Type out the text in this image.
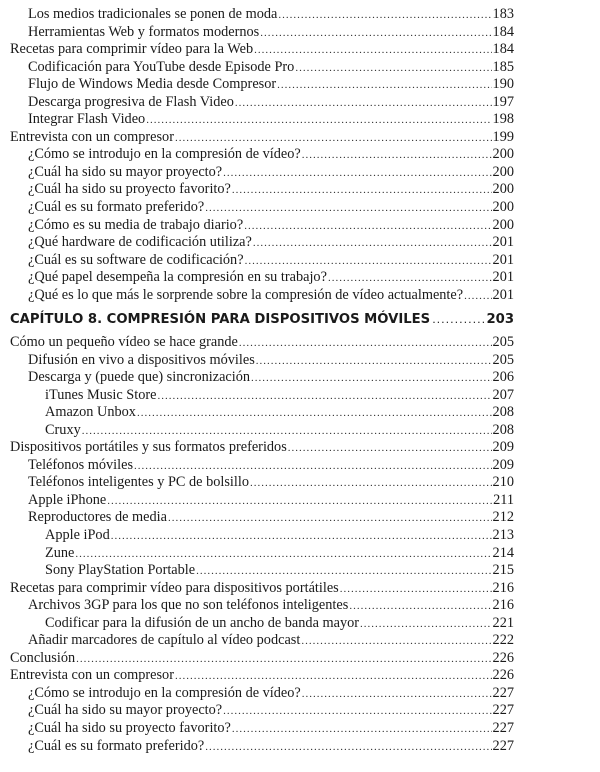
Los medios tradicionales se ponen de moda .....	183
Herramientas Web y formatos modernos .....	184
Recetas para comprimir vídeo para la Web .....	184
Codificación para YouTube desde Episode Pro .....	185
Flujo de Windows Media desde Compresor .....	190
Descarga progresiva de Flash Video .....	197
Integrar Flash Video .....	198
Entrevista con un compresor .....	199
¿Cómo se introdujo en la compresión de vídeo? .....	200
¿Cuál ha sido su mayor proyecto? .....	200
¿Cuál ha sido su proyecto favorito? .....	200
¿Cuál es su formato preferido? .....	200
¿Cómo es su media de trabajo diario? .....	200
¿Qué hardware de codificación utiliza? .....	201
¿Cuál es su software de codificación? .....	201
¿Qué papel desempeña la compresión en su trabajo? .....	201
¿Qué es lo que más le sorprende sobre la compresión de vídeo actualmente? ..... 201
CAPÍTULO 8. COMPRESIÓN PARA DISPOSITIVOS MÓVILES .....	203
Cómo un pequeño vídeo se hace grande .....	205
Difusión en vivo a dispositivos móviles .....	205
Descarga y (puede que) sincronización .....	206
iTunes Music Store .....	207
Amazon Unbox .....	208
Cruxy .....	208
Dispositivos portátiles y sus formatos preferidos .....	209
Teléfonos móviles .....	209
Teléfonos inteligentes y PC de bolsillo .....	210
Apple iPhone .....	211
Reproductores de media .....	212
Apple iPod .....	213
Zune .....	214
Sony PlayStation Portable .....	215
Recetas para comprimir vídeo para dispositivos portátiles .....	216
Archivos 3GP para los que no son teléfonos inteligentes .....	216
Codificar para la difusión de un ancho de banda mayor .....	221
Añadir marcadores de capítulo al vídeo podcast .....	222
Conclusión .....	226
Entrevista con un compresor .....	226
¿Cómo se introdujo en la compresión de vídeo? .....	227
¿Cuál ha sido su mayor proyecto? .....	227
¿Cuál ha sido su proyecto favorito? .....	227
¿Cuál es su formato preferido? .....	227
